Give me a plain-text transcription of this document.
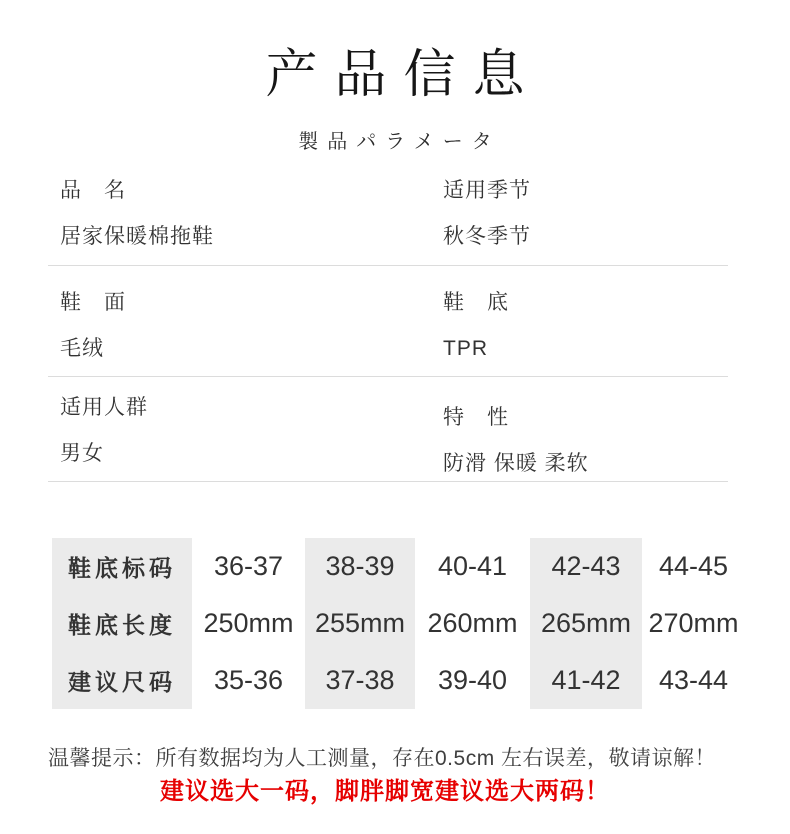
产品信息
製品パラメータ
品　名
居家保暖棉拖鞋
适用季节
秋冬季节
鞋　面
毛绒
鞋　底
TPR
适用人群
男女
特　性
防滑 保暖 柔软
鞋底标码	36-37	38-39	40-41	42-43	44-45
鞋底长度	250mm 255mm 260mm 265mm 270mm
建议尺码	35-36	37-38	39-40	41-42	43-44
温馨提示：所有数据均为人工测量，存在0.5cm 左右误差，敬请谅解！
建议选大一码，脚胖脚宽建议选大两码！
